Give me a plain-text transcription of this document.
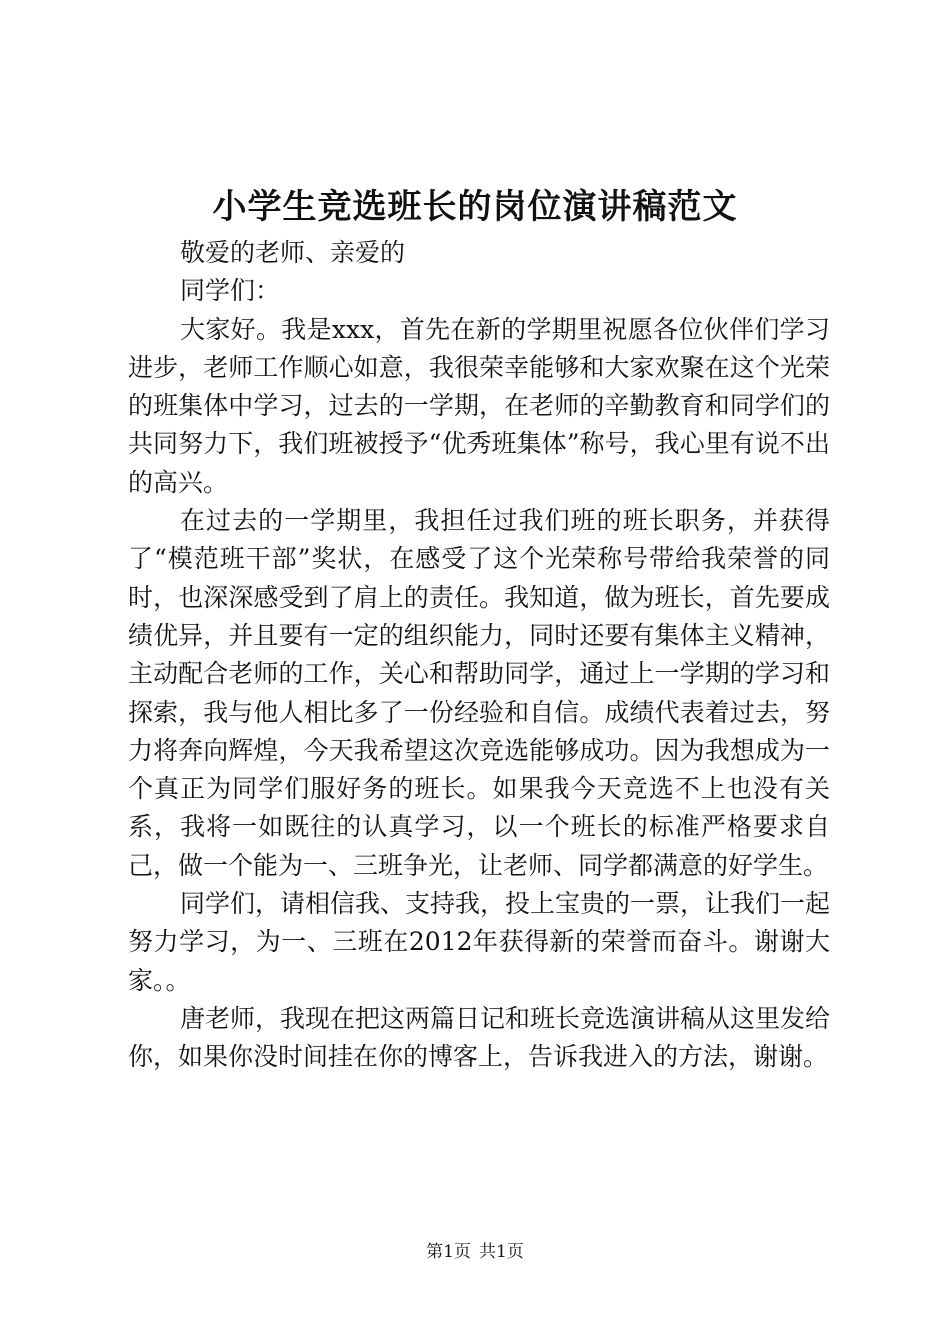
小学生竞选班长的岗位演讲稿范文

敬爱的老师、亲爱的

同学们：

大家好。我是xxx，首先在新的学期里祝愿各位伙伴们学习进步，老师工作顺心如意，我很荣幸能够和大家欢聚在这个光荣的班集体中学习，过去的一学期，在老师的辛勤教育和同学们的共同努力下，我们班被授予“优秀班集体”称号，我心里有说不出的高兴。

在过去的一学期里，我担任过我们班的班长职务，并获得了“模范班干部”奖状，在感受了这个光荣称号带给我荣誉的同时，也深深感受到了肩上的责任。我知道，做为班长，首先要成绩优异，并且要有一定的组织能力，同时还要有集体主义精神，主动配合老师的工作，关心和帮助同学，通过上一学期的学习和探索，我与他人相比多了一份经验和自信。成绩代表着过去，努力将奔向辉煌，今天我希望这次竞选能够成功。因为我想成为一个真正为同学们服好务的班长。如果我今天竞选不上也没有关系，我将一如既往的认真学习，以一个班长的标准严格要求自己，做一个能为一、三班争光，让老师、同学都满意的好学生。

同学们，请相信我、支持我，投上宝贵的一票，让我们一起努力学习，为一、三班在2012年获得新的荣誉而奋斗。谢谢大家。。

唐老师，我现在把这两篇日记和班长竞选演讲稿从这里发给你，如果你没时间挂在你的博客上，告诉我进入的方法，谢谢。

第1页 共1页
